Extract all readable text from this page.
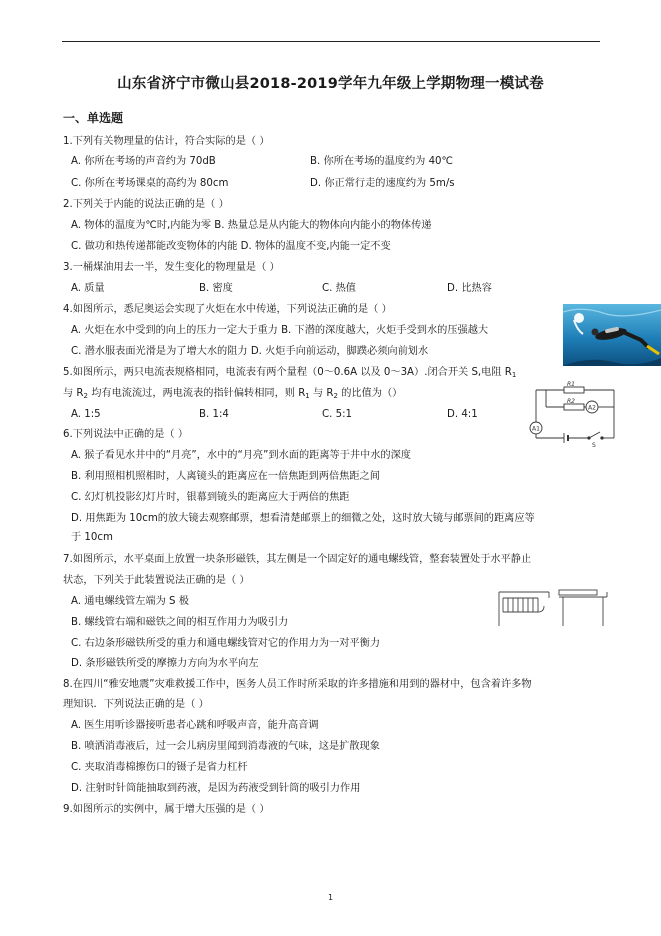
山东省济宁市微山县2018-2019学年九年级上学期物理一模试卷
一、单选题
1.下列有关物理量的估计，符合实际的是（ ）
A. 你所在考场的声音约为 70dB	B. 你所在考场的温度约为 40℃
C. 你所在考场课桌的高约为 80cm	D. 你正常行走的速度约为 5m/s
2.下列关于内能的说法正确的是（ ）
A. 物体的温度为℃时,内能为零 B. 热量总是从内能大的物体向内能小的物体传递
C. 做功和热传递都能改变物体的内能 D. 物体的温度不变,内能一定不变
3.一桶煤油用去一半，发生变化的物理量是（ ）
A. 质量	B. 密度	C. 热值	D. 比热容
4.如图所示，悉尼奥运会实现了火炬在水中传递，下列说法正确的是（ ）
A. 火炬在水中受到的向上的压力一定大于重力 B. 下潜的深度越大，火炬手受到水的压强越大
C. 潜水服表面光滑是为了增大水的阻力 D. 火炬手向前运动，脚蹼必须向前划水
5.如图所示，两只电流表规格相同，电流表有两个量程（0～0.6A 以及 0～3A）.闭合开关 S,电阻 $R_1$
与 $R_2$ 均有电流流过，两电流表的指针偏转相同，则 $R_1$ 与 $R_2$ 的比值为（）
A. 1:5	B. 1:4	C. 5:1	D. 4:1
R1
R2
A2
A1
S
6.下列说法中正确的是（ ）
A. 猴子看见水井中的“月亮”，水中的“月亮”到水面的距离等于井中水的深度
B. 利用照相机照相时，人离镜头的距离应在一倍焦距到两倍焦距之间
C. 幻灯机投影幻灯片时，银幕到镜头的距离应大于两倍的焦距
D. 用焦距为 10cm的放大镜去观察邮票，想看清楚邮票上的细微之处，这时放大镜与邮票间的距离应等
于 10cm
7.如图所示，水平桌面上放置一块条形磁铁，其左侧是一个固定好的通电螺线管，整套装置处于水平静止
状态，下列关于此装置说法正确的是（ ）
A. 通电螺线管左端为 S 极
B. 螺线管右端和磁铁之间的相互作用力为吸引力
C. 右边条形磁铁所受的重力和通电螺线管对它的作用力为一对平衡力
D. 条形磁铁所受的摩擦力方向为水平向左
8.在四川“雅安地震”灾难救援工作中，医务人员工作时所采取的许多措施和用到的器材中，包含着许多物
理知识．下列说法正确的是（ ）
A. 医生用听诊器接听患者心跳和呼吸声音，能升高音调
B. 喷洒消毒液后，过一会儿病房里闻到消毒液的气味，这是扩散现象
C. 夹取消毒棉擦伤口的镊子是省力杠杆
D. 注射时针筒能抽取到药液，是因为药液受到针筒的吸引力作用
9.如图所示的实例中，属于增大压强的是（ ）
1
